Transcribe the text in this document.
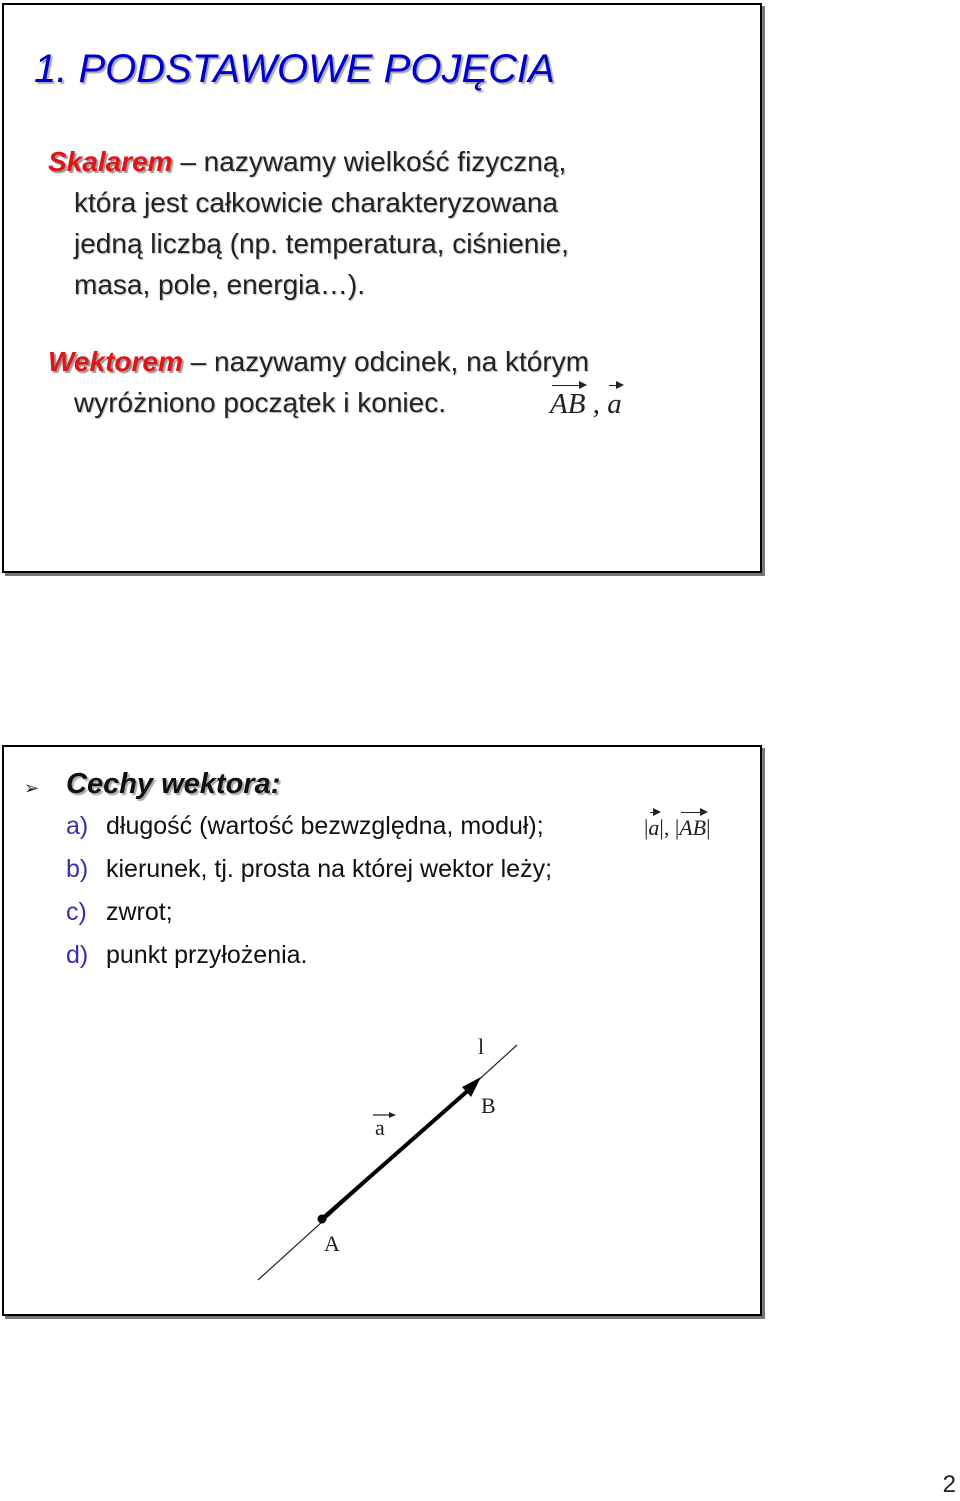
1. PODSTAWOWE POJĘCIA
Skalarem – nazywamy wielkość fizyczną,
która jest całkowicie charakteryzowana
jedną liczbą (np. temperatura, ciśnienie,
masa, pole, energia…).
Wektorem – nazywamy odcinek, na którym
wyróżniono początek i koniec.	AB , a
➢ Cechy wektora:
a) długość (wartość bezwzględna, moduł);
b) kierunek, tj. prosta na której wektor leży;
c) zwrot;
d) punkt przyłożenia.
|a|, |AB|
l
B
A
a
2
